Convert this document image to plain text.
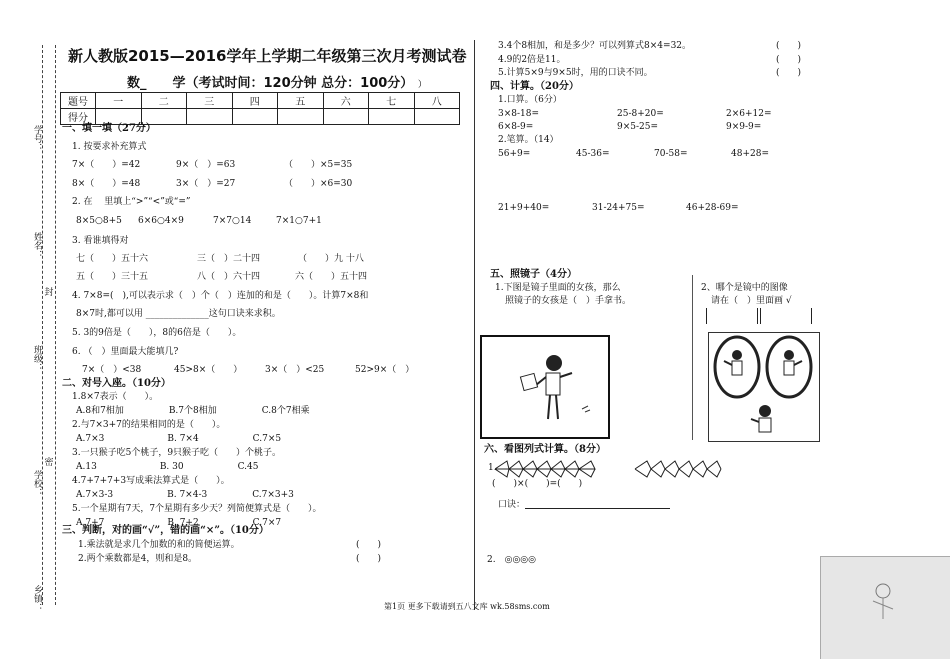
学号：
姓名：
封
班级：
密
学校：
乡镇：
新人教版2015—2016学年上学期二年级第三次月考测试卷
数_　　学（考试时间：120分钟 总分：100分） ）
题号	一	二	三	四	五	六	七	八
得分								
一、填一填（27分）
1. 按要求补充算式
7×（　　）=42	9×（　）=63	（　　）×5=35
8×（　　）=48	3×（　）=27	（　　）×6=30
2. 在　 里填上“>”“<”或“=”
8×5○8+5 6×6○4×9	7×7○14	7×1○7+1
3. 看谁填得对
七（　　）五十六	三（　）二十四	（　　）九 十八
五（　　）三十五	八（　）六十四	六（　　）五十四
4. 7×8=(　),可以表示求（　）个（　）连加的和是（　　）。计算7×8和
8×7时,都可以用 ______________这句口诀来求积。
5. 3的9倍是（　　），8的6倍是（　　）。
6. （　）里面最大能填几?
7×（　）<38	45>8×（　　）	3×（　）<25	52>9×（　）
二、对号入座。（10分）
1.8×7表示（　　）。
A.8和7相加　　　　　B.7个8相加　　　　　C.8个7相乘
2.与7×3+7的结果相同的是（　　）。
A.7×3　　　　　　　B. 7×4　　　　　　C.7×5
3.一只猴子吃5个桃子，9只猴子吃（　　）个桃子。
A.13　　　　　　　B. 30　　　　　　C.45
4.7+7+7+3写成乘法算式是（　　）。
A.7×3-3　　　　　　B. 7×4-3　　　　　C.7×3+3
5.一个星期有7天，7个星期有多少天？列简便算式是（　　）。
A.7+7　　　　　　　B. 7+2　　　　　　C.7×7
三、判断，对的画“√”，错的画“×”。（10分）
1.乘法就是求几个加数的和的简便运算。	(　　)
2.两个乘数都是4，则和是8。	(　　)
3.4个8相加，和是多少？可以列算式8×4=32。	(　　)
4.9的2倍是11。	(　　)
5.计算5×9与9×5时，用的口诀不同。	(　　)
四、计算。（20分）
1.口算。（6分）
3×8-18=	25-8+20=	2×6+12=
6×8-9=	9×5-25=	9×9-9=
2.笔算。（14）
56+9=	45-36=	70-58=	48+28=
21+9+40=	31-24+75=	46+28-69=
五、照镜子（4分）
1.下图是镜子里面的女孩，那么
照镜子的女孩是（　）手拿书。
2、哪个是镜中的图像
请在（　）里面画 √
六、看图列式计算。（8分）
1.
(　　)×(　　)=(　　)
口诀：
2.　◎◎◎◎
第1页 更多下载请到五八文库 wk.58sms.com
